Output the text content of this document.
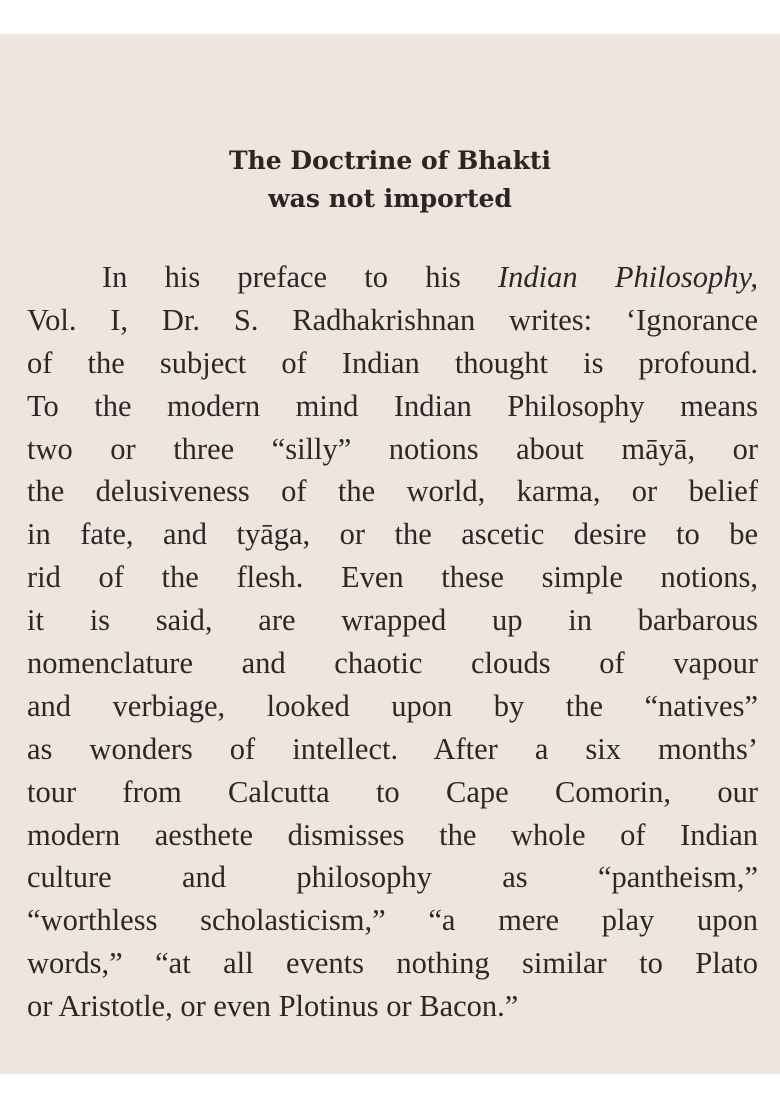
The Doctrine of Bhakti
was not imported
In his preface to his Indian Philosophy,
Vol. I, Dr. S. Radhakrishnan writes: ‘Ignorance
of the subject of Indian thought is profound.
To the modern mind Indian Philosophy means
two or three “silly” notions about māyā, or
the delusiveness of the world, karma, or belief
in fate, and tyāga, or the ascetic desire to be
rid of the flesh. Even these simple notions,
it is said, are wrapped up in barbarous
nomenclature and chaotic clouds of vapour
and verbiage, looked upon by the “natives”
as wonders of intellect. After a six months’
tour from Calcutta to Cape Comorin, our
modern aesthete dismisses the whole of Indian
culture and philosophy as “pantheism,”
“worthless scholasticism,” “a mere play upon
words,” “at all events nothing similar to Plato
or Aristotle, or even Plotinus or Bacon.”
